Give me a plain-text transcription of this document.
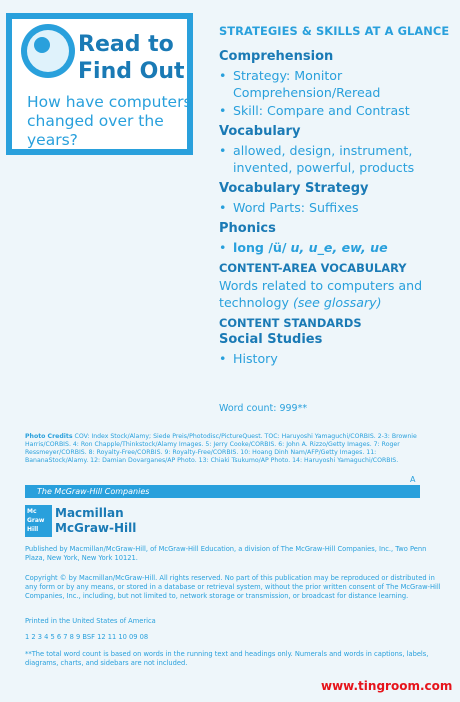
Read to Find Out
How have computers changed over the years?
STRATEGIES & SKILLS AT A GLANCE
Comprehension
• Strategy: Monitor Comprehension/Reread
• Skill: Compare and Contrast
Vocabulary
• allowed, design, instrument, invented, powerful, products
Vocabulary Strategy
• Word Parts: Suffixes
Phonics
• long /ü/ u, u_e, ew, ue
CONTENT-AREA VOCABULARY
Words related to computers and technology (see glossary)
CONTENT STANDARDS
Social Studies
• History
Word count: 999**
Photo Credits COV: Index Stock/Alamy; Siede Preis/Photodisc/PictureQuest. TOC: Haruyoshi Yamaguchi/CORBIS. 2-3: Brownie Harris/CORBIS. 4: Ron Chapple/Thinkstock/Alamy Images. 5: Jerry Cooke/CORBIS. 6: John A. Rizzo/Getty Images. 7: Roger Ressmeyer/CORBIS. 8: Royalty-Free/CORBIS. 9: Royalty-Free/CORBIS. 10: Hoang Dinh Nam/AFP/Getty Images. 11: BananaStock/Alamy. 12: Damian Dovarganes/AP Photo. 13: Chiaki Tsukumo/AP Photo. 14: Haruyoshi Yamaguchi/CORBIS.
A
The McGraw-Hill Companies
Mc
Graw
Hill
Macmillan
McGraw-Hill
Published by Macmillan/McGraw-Hill, of McGraw-Hill Education, a division of The McGraw-Hill Companies, Inc., Two Penn Plaza, New York, New York 10121.
Copyright © by Macmillan/McGraw-Hill. All rights reserved. No part of this publication may be reproduced or distributed in any form or by any means, or stored in a database or retrieval system, without the prior written consent of The McGraw-Hill Companies, Inc., including, but not limited to, network storage or transmission, or broadcast for distance learning.
Printed in the United States of America
1 2 3 4 5 6 7 8 9 BSF 12 11 10 09 08
**The total word count is based on words in the running text and headings only. Numerals and words in captions, labels, diagrams, charts, and sidebars are not included.
www.tingroom.com
